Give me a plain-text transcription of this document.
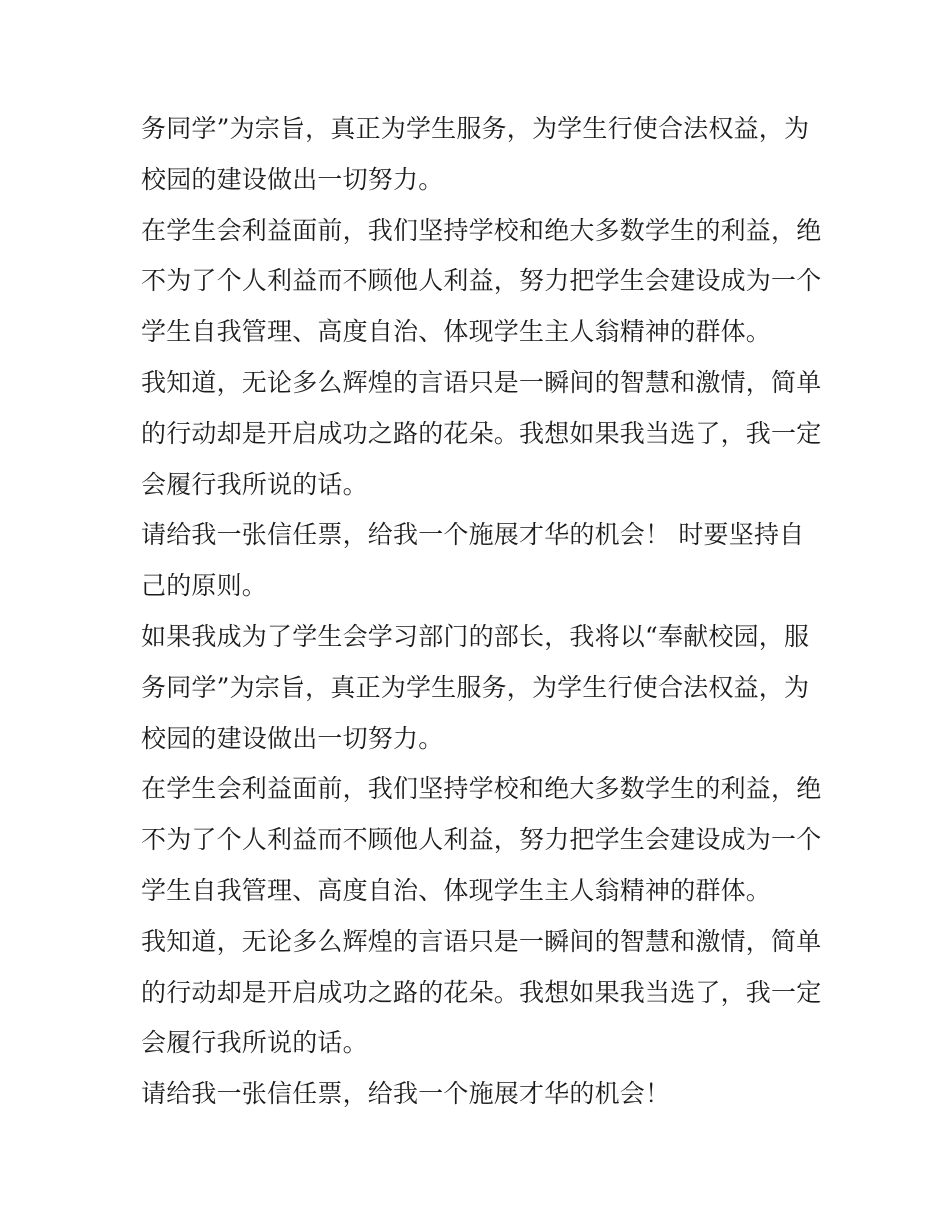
务同学”为宗旨，真正为学生服务，为学生行使合法权益，为
校园的建设做出一切努力。
在学生会利益面前，我们坚持学校和绝大多数学生的利益，绝
不为了个人利益而不顾他人利益，努力把学生会建设成为一个
学生自我管理、高度自治、体现学生主人翁精神的群体。
我知道，无论多么辉煌的言语只是一瞬间的智慧和激情，简单
的行动却是开启成功之路的花朵。我想如果我当选了，我一定
会履行我所说的话。
请给我一张信任票，给我一个施展才华的机会！ 时要坚持自
己的原则。
如果我成为了学生会学习部门的部长，我将以“奉献校园，服
务同学”为宗旨，真正为学生服务，为学生行使合法权益，为
校园的建设做出一切努力。
在学生会利益面前，我们坚持学校和绝大多数学生的利益，绝
不为了个人利益而不顾他人利益，努力把学生会建设成为一个
学生自我管理、高度自治、体现学生主人翁精神的群体。
我知道，无论多么辉煌的言语只是一瞬间的智慧和激情，简单
的行动却是开启成功之路的花朵。我想如果我当选了，我一定
会履行我所说的话。
请给我一张信任票，给我一个施展才华的机会！
